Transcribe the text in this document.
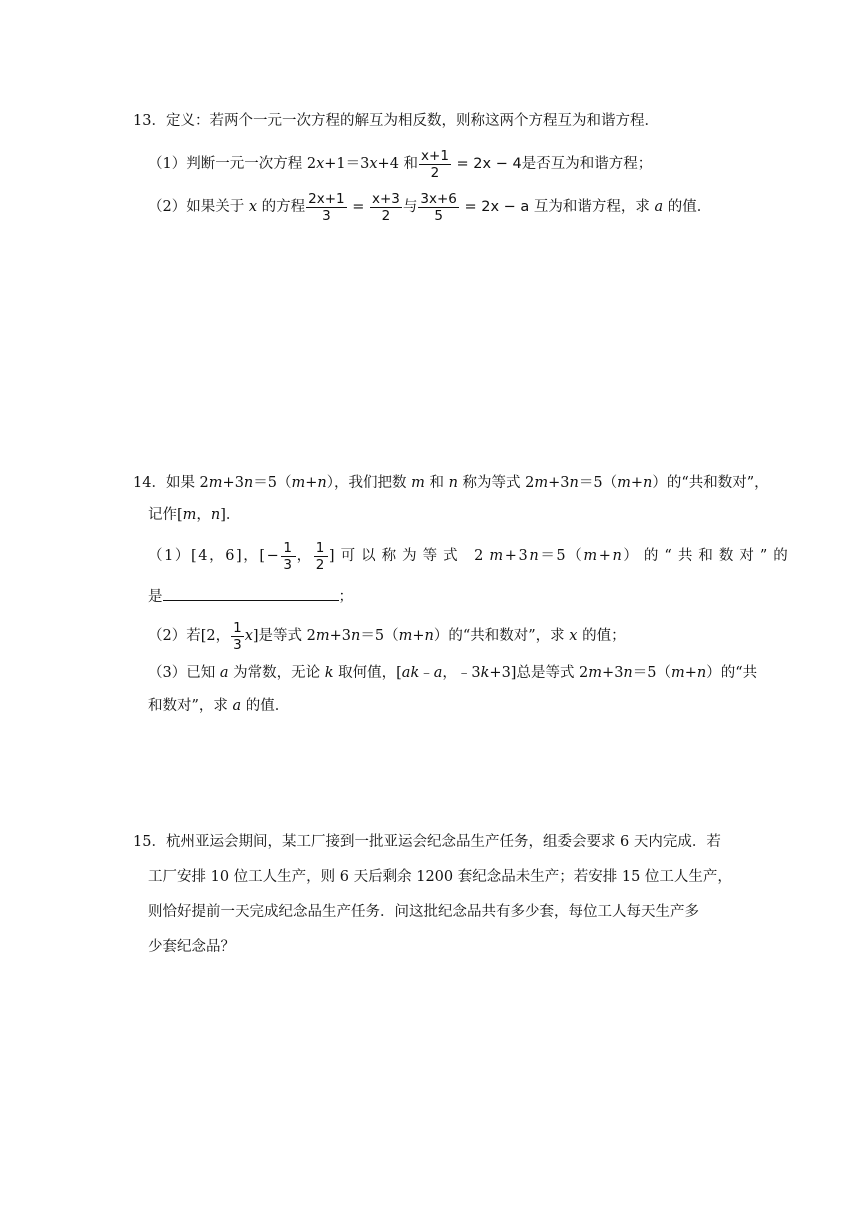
13．定义：若两个一元一次方程的解互为相反数，则称这两个方程互为和谐方程．
（1）判断一元一次方程 2x+1＝3x+4 和 $\frac{x+1}{2} = 2x - 4$是否互为和谐方程；
（2）如果关于 x 的方程 $\frac{2x+1}{3} = \frac{x+3}{2}$ 与 $\frac{3x+6}{5} = 2x - a$ 互为和谐方程，求 a 的值．
14．如果 2m+3n＝5（m+n），我们把数 m 和 n 称为等式 2m+3n＝5（m+n）的“共和数对”，
记作[m，n]．
（1）[4，6]，[− $\frac{1}{3}$ ， $\frac{1}{2}$ ]可以称为等式 2m+3n＝5（m+n）的“共和数对”的
是	；
（2）若[2， $\frac{1}{3} x$]是等式 2m+3n＝5（m+n）的“共和数对”，求 x 的值；
（3）已知 a 为常数，无论 k 取何值，[ak﹣a，﹣3k+3]总是等式 2m+3n＝5（m+n）的“共
和数对”，求 a 的值．
15．杭州亚运会期间，某工厂接到一批亚运会纪念品生产任务，组委会要求 6 天内完成．若
工厂安排 10 位工人生产，则 6 天后剩余 1200 套纪念品未生产；若安排 15 位工人生产，
则恰好提前一天完成纪念品生产任务．问这批纪念品共有多少套，每位工人每天生产多
少套纪念品？
